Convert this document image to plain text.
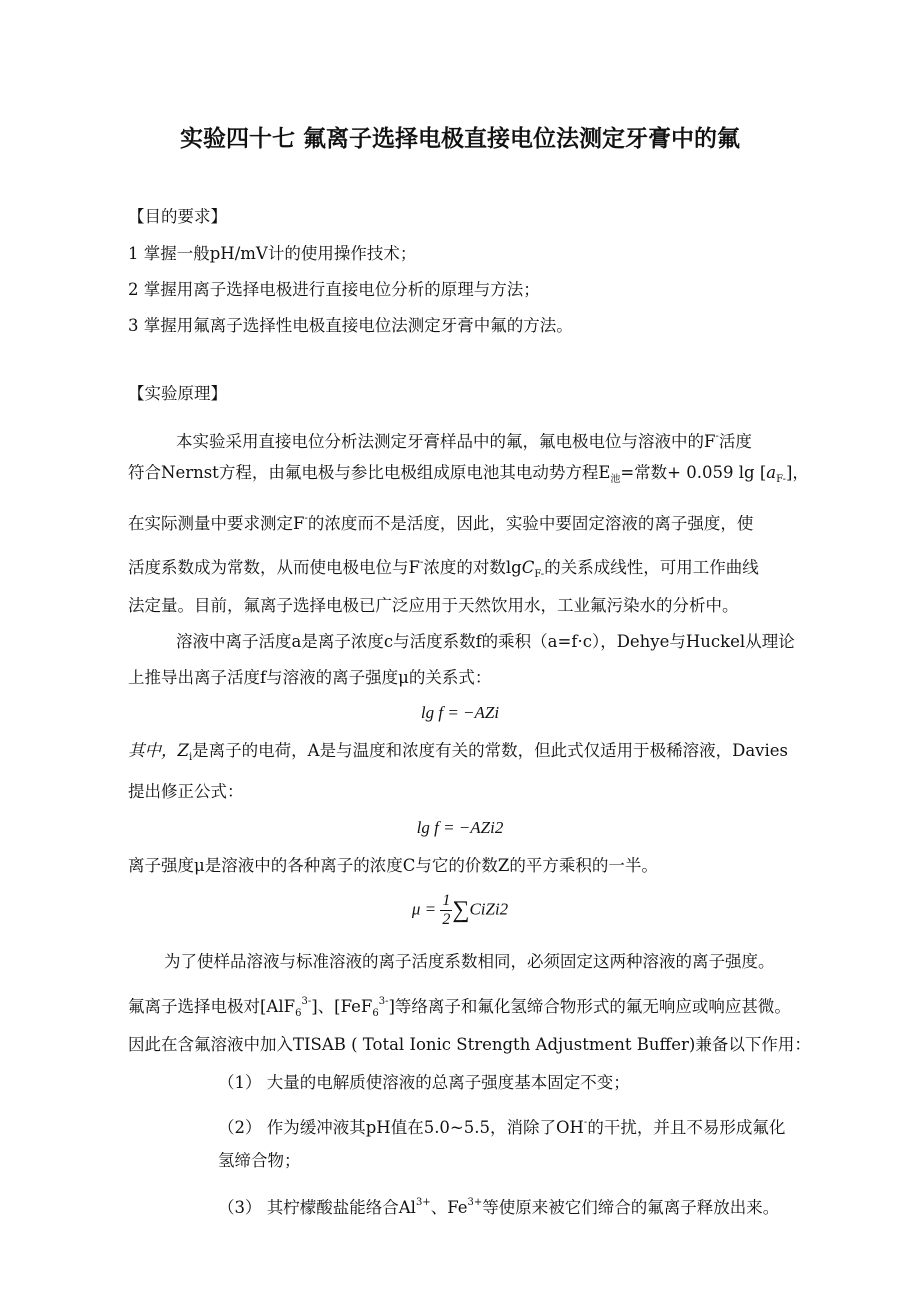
实验四十七 氟离子选择电极直接电位法测定牙膏中的氟
【目的要求】
1 掌握一般pH/mV计的使用操作技术；
2 掌握用离子选择电极进行直接电位分析的原理与方法；
3 掌握用氟离子选择性电极直接电位法测定牙膏中氟的方法。
【实验原理】
本实验采用直接电位分析法测定牙膏样品中的氟，氟电极电位与溶液中的F-活度
符合Nernst方程，由氟电极与参比电极组成原电池其电动势方程$E_池=$常数+ 0.059 $\lg [a_{F-}]$，
在实际测量中要求测定F-的浓度而不是活度，因此，实验中要固定溶液的离子强度，使
活度系数成为常数，从而使电极电位与F-浓度的对数lgC$_{F-}$的关系成线性，可用工作曲线
法定量。目前，氟离子选择电极已广泛应用于天然饮用水，工业氟污染水的分析中。
溶液中离子活度a是离子浓度c与活度系数f的乘积（a=f·c），Dehye与Huckel从理论
上推导出离子活度f与溶液的离子强度μ的关系式：
lg f = −AZi
其中，$Z_i$是离子的电荷，A是与温度和浓度有关的常数，但此式仅适用于极稀溶液，Davies
提出修正公式：
lg f = −AZi2
离子强度μ是溶液中的各种离子的浓度C与它的价数Z的平方乘积的一半。
$\mu = \frac{1}{2}$ ∑CiZi2
为了使样品溶液与标准溶液的离子活度系数相同，必须固定这两种溶液的离子强度。
氟离子选择电极对[AlF$_6^{3-}$]、[FeF$_6^{3-}$]等络离子和氟化氢缔合物形式的氟无响应或响应甚微。
因此在含氟溶液中加入TISAB ( Total Ionic Strength Adjustment Buffer)兼备以下作用：
（1） 大量的电解质使溶液的总离子强度基本固定不变；
（2） 作为缓冲液其pH值在5.0~5.5，消除了OH-的干扰，并且不易形成氟化
氢缔合物；
（3） 其柠檬酸盐能络合$Al^{3+}$、$Fe^{3+}$等使原来被它们缔合的氟离子释放出来。
